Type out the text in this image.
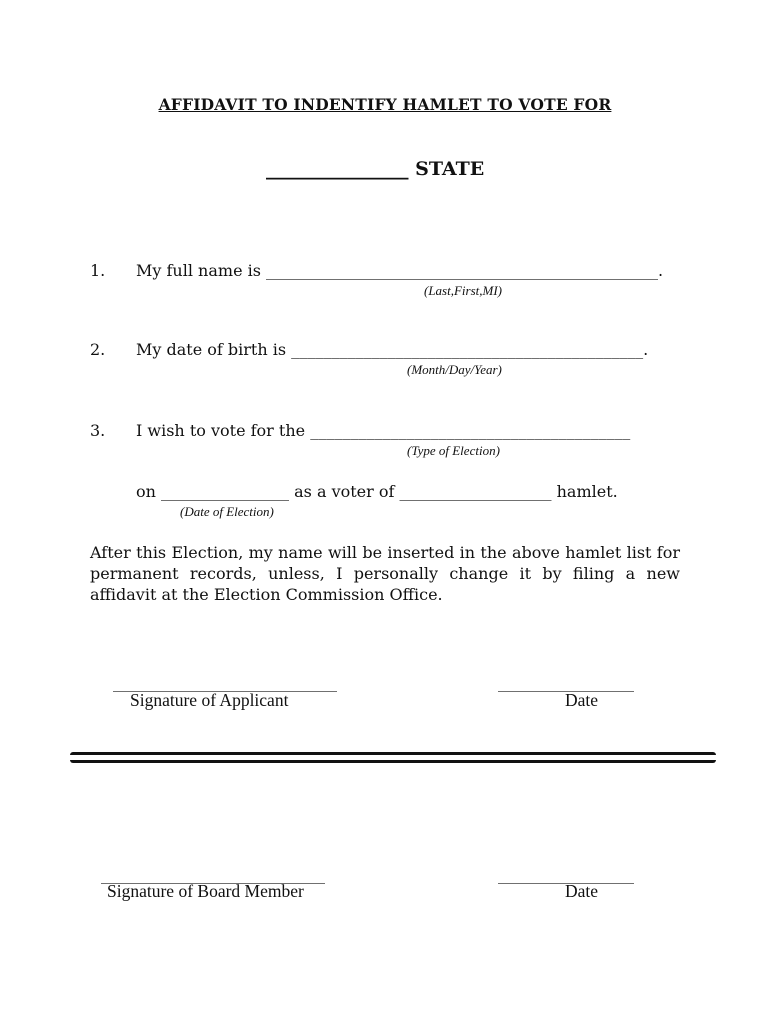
AFFIDAVIT TO INDENTIFY HAMLET TO VOTE FOR
_______________ STATE
1. My full name is _________________________________________________.
(Last,First,MI)
2. My date of birth is ____________________________________________.
(Month/Day/Year)
3. I wish to vote for the ________________________________________
(Type of Election)
on ________________ as a voter of ___________________ hamlet.
(Date of Election)
After this Election, my name will be inserted in the above hamlet list for permanent records, unless, I personally change it by filing a new affidavit at the Election Commission Office.
____________________________
Signature of Applicant
_________________
Date
____________________________
Signature of Board Member
_________________
Date
